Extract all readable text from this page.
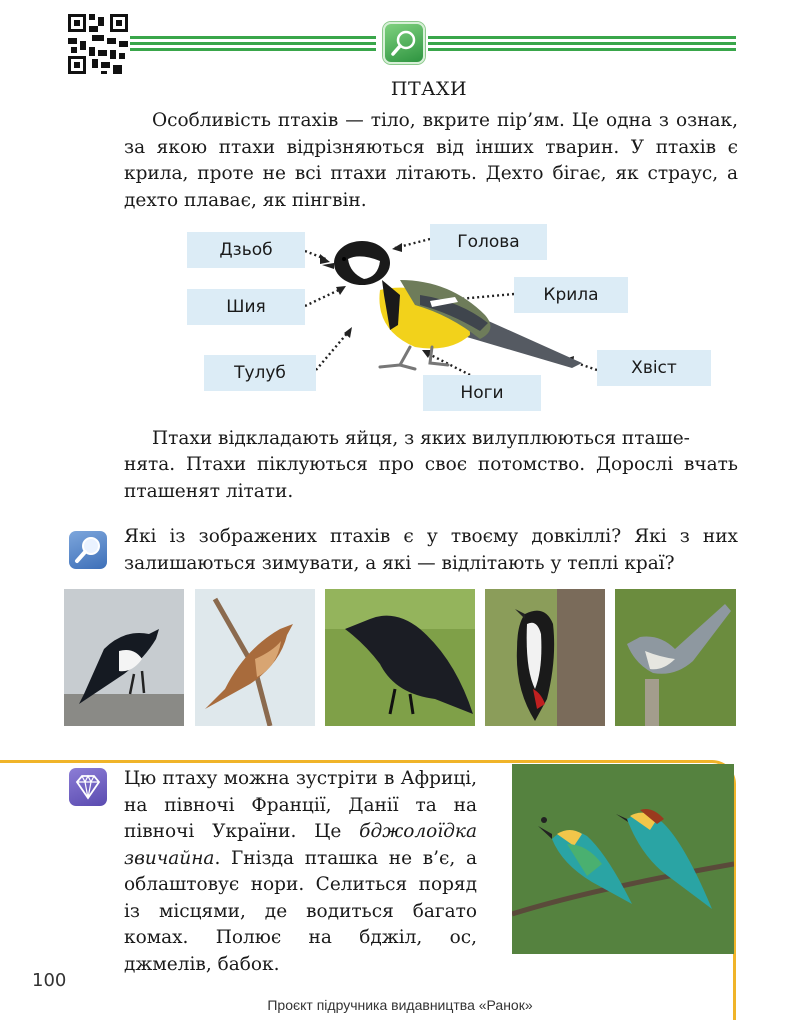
ПТАХИ
Особливість птахів — тіло, вкрите пір’ям. Це одна з ознак, за якою птахи відрізняються від інших тварин. У птахів є крила, проте не всі птахи літають. Дехто бігає, як страус, а дехто плаває, як пінгвін.
Дзьоб	Голова
Шия
Крила
Тулуб	Хвіст
Ноги
Птахи відкладають яйця, з яких вилуплюються пташе-
нята. Птахи піклуються про своє потомство. Дорослі вчать пташенят літати.
Які із зображених птахів є у твоєму довкіллі? Які з них залишаються зимувати, а які — відлітають у теплі краї?
Цю птаху можна зустріти в Африці, на півночі Франції, Данії та на півночі України. Це бджолоїдка звичайна. Гнізда пташка не в’є, а облаштовує нори. Селиться поряд із місцями, де водиться багато комах. Полює на бджіл, ос, джмелів, бабок.
100
Проєкт підручника видавництва «Ранок»
